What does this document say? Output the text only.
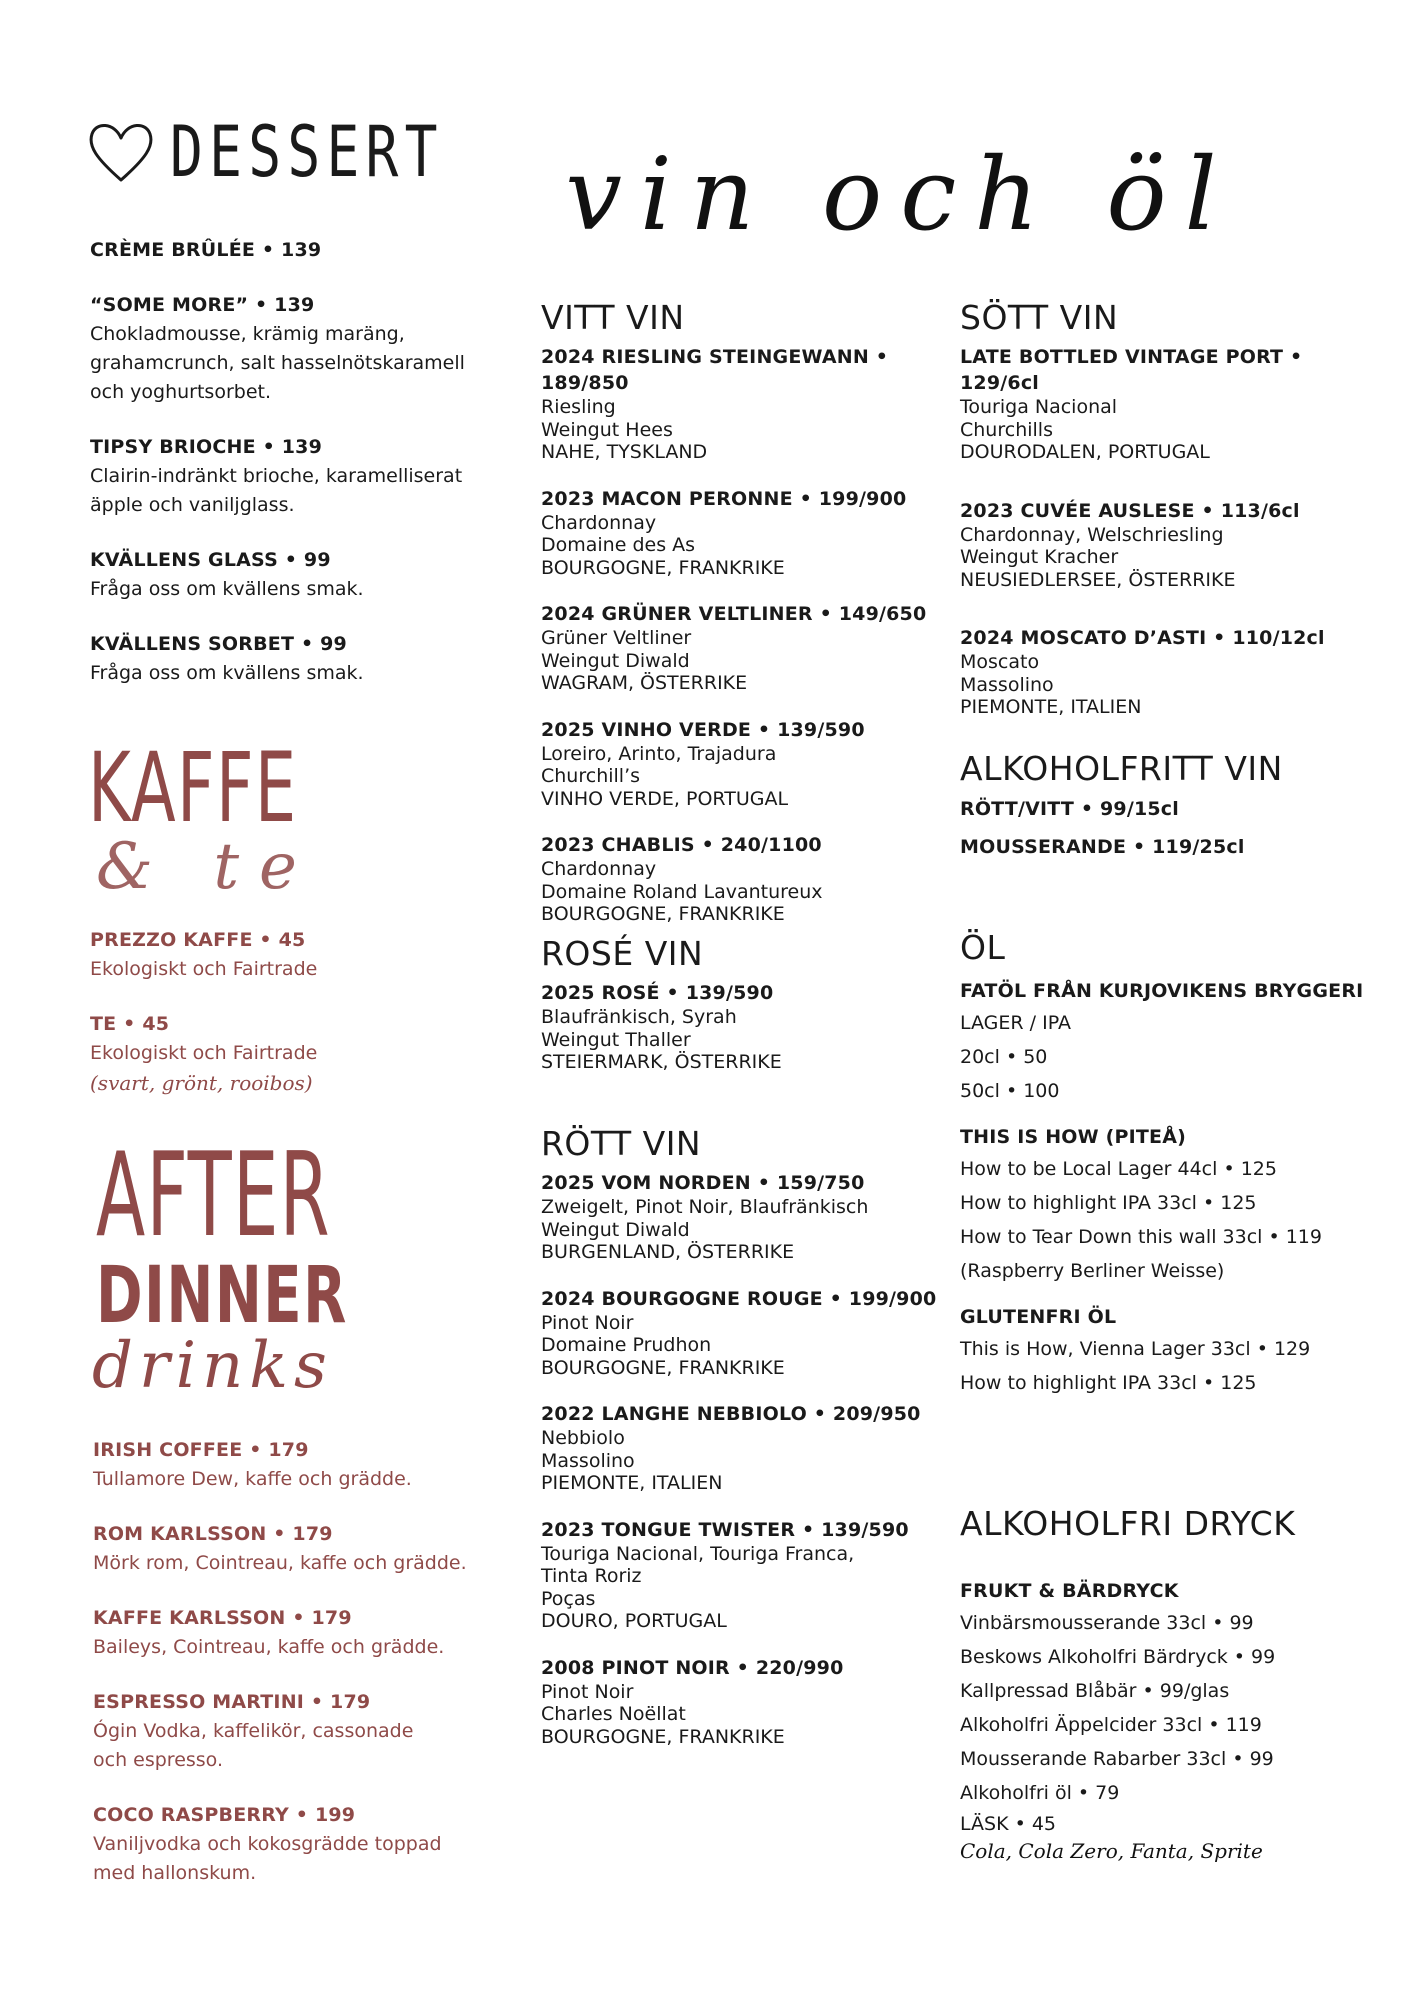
DESSERT
CRÈME BRÛLÉE • 139
“SOME MORE” • 139
Chokladmousse, krämig maräng,
grahamcrunch, salt hasselnötskaramell
och yoghurtsorbet.
TIPSY BRIOCHE • 139
Clairin-indränkt brioche, karamelliserat
äpple och vaniljglass.
KVÄLLENS GLASS • 99
Fråga oss om kvällens smak.
KVÄLLENS SORBET • 99
Fråga oss om kvällens smak.
KAFFE
& te
PREZZO KAFFE • 45
Ekologiskt och Fairtrade
TE • 45
Ekologiskt och Fairtrade
(svart, grönt, rooibos)
AFTER
DINNER
drinks
IRISH COFFEE • 179
Tullamore Dew, kaffe och grädde.
ROM KARLSSON • 179
Mörk rom, Cointreau, kaffe och grädde.
KAFFE KARLSSON • 179
Baileys, Cointreau, kaffe och grädde.
ESPRESSO MARTINI • 179
Ógin Vodka, kaffelikör, cassonade
och espresso.
COCO RASPBERRY • 199
Vaniljvodka och kokosgrädde toppad
med hallonskum.
vin och öl
VITT VIN
2024 RIESLING STEINGEWANN • 189/850
Riesling
Weingut Hees
NAHE, TYSKLAND
2023 MACON PERONNE • 199/900
Chardonnay
Domaine des As
BOURGOGNE, FRANKRIKE
2024 GRÜNER VELTLINER • 149/650
Grüner Veltliner
Weingut Diwald
WAGRAM, ÖSTERRIKE
2025 VINHO VERDE • 139/590
Loreiro, Arinto, Trajadura
Churchill’s
VINHO VERDE, PORTUGAL
2023 CHABLIS • 240/1100
Chardonnay
Domaine Roland Lavantureux
BOURGOGNE, FRANKRIKE
ROSÉ VIN
2025 ROSÉ • 139/590
Blaufränkisch, Syrah
Weingut Thaller
STEIERMARK, ÖSTERRIKE
RÖTT VIN
2025 VOM NORDEN • 159/750
Zweigelt, Pinot Noir, Blaufränkisch
Weingut Diwald
BURGENLAND, ÖSTERRIKE
2024 BOURGOGNE ROUGE • 199/900
Pinot Noir
Domaine Prudhon
BOURGOGNE, FRANKRIKE
2022 LANGHE NEBBIOLO • 209/950
Nebbiolo
Massolino
PIEMONTE, ITALIEN
2023 TONGUE TWISTER • 139/590
Touriga Nacional, Touriga Franca,
Tinta Roriz
Poças
DOURO, PORTUGAL
2008 PINOT NOIR • 220/990
Pinot Noir
Charles Noëllat
BOURGOGNE, FRANKRIKE
SÖTT VIN
LATE BOTTLED VINTAGE PORT • 129/6cl
Touriga Nacional
Churchills
DOURODALEN, PORTUGAL
2023 CUVÉE AUSLESE • 113/6cl
Chardonnay, Welschriesling
Weingut Kracher
NEUSIEDLERSEE, ÖSTERRIKE
2024 MOSCATO D’ASTI • 110/12cl
Moscato
Massolino
PIEMONTE, ITALIEN
ALKOHOLFRITT VIN
RÖTT/VITT • 99/15cl
MOUSSERANDE • 119/25cl
ÖL
FATÖL FRÅN KURJOVIKENS BRYGGERI
LAGER / IPA
20cl • 50
50cl • 100
THIS IS HOW (PITEÅ)
How to be Local Lager 44cl • 125
How to highlight IPA 33cl • 125
How to Tear Down this wall 33cl • 119
(Raspberry Berliner Weisse)
GLUTENFRI ÖL
This is How, Vienna Lager 33cl • 129
How to highlight IPA 33cl • 125
ALKOHOLFRI DRYCK
FRUKT & BÄRDRYCK
Vinbärsmousserande 33cl • 99
Beskows Alkoholfri Bärdryck • 99
Kallpressad Blåbär • 99/glas
Alkoholfri Äppelcider 33cl • 119
Mousserande Rabarber 33cl • 99
Alkoholfri öl • 79
LÄSK • 45
Cola, Cola Zero, Fanta, Sprite
